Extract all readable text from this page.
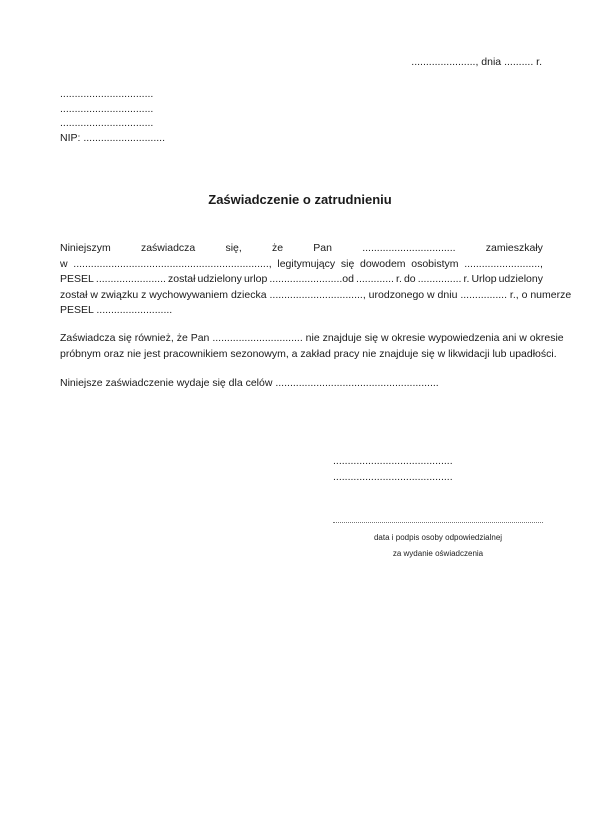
......................, dnia .......... r.
................................
................................
................................
NIP: ............................
Zaświadczenie o zatrudnieniu
Niniejszym	zaświadcza	się,	że	Pan	................................	zamieszkały
w ..................................................................., legitymujący się dowodem osobistym ..........................,
PESEL ........................ został udzielony urlop .........................od ............. r. do ............... r. Urlop udzielony
został w związku z wychowywaniem dziecka ................................, urodzonego w dniu ................ r., o numerze
PESEL ..........................
Zaświadcza się również, że Pan ............................... nie znajduje się w okresie wypowiedzenia ani w okresie
próbnym oraz nie jest pracownikiem sezonowym, a zakład pracy nie znajduje się w likwidacji lub upadłości.
Niniejsze zaświadczenie wydaje się dla celów ........................................................
.........................................
.........................................
data i podpis osoby odpowiedzialnej
za wydanie oświadczenia
